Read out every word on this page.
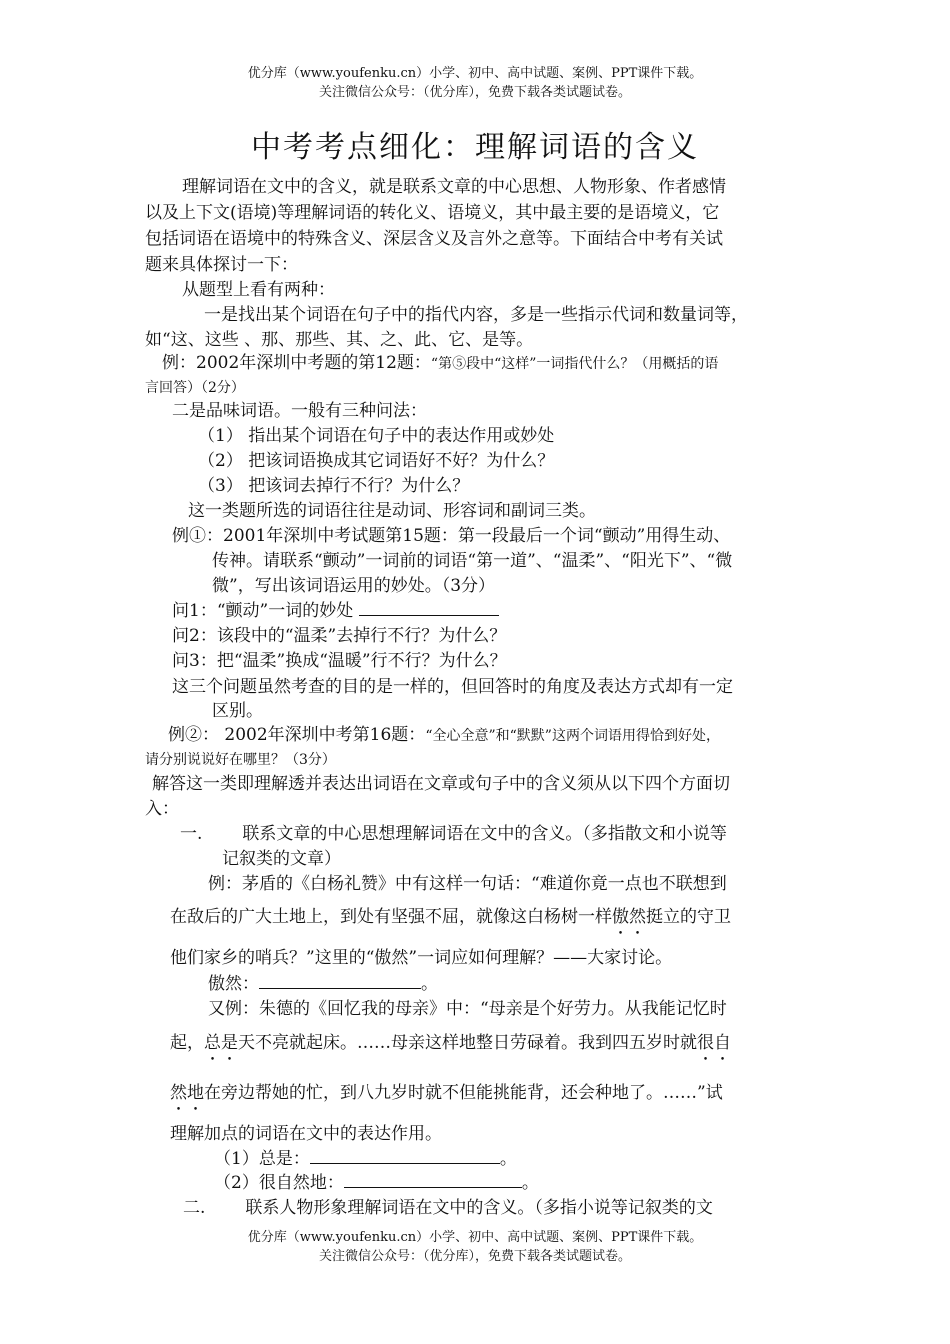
优分库（www.youfenku.cn）小学、初中、高中试题、案例、PPT课件下载。
关注微信公众号：（优分库），免费下载各类试题试卷。
中考考点细化：理解词语的含义
理解词语在文中的含义，就是联系文章的中心思想、人物形象、作者感情
以及上下文(语境)等理解词语的转化义、语境义，其中最主要的是语境义，它
包括词语在语境中的特殊含义、深层含义及言外之意等。下面结合中考有关试
题来具体探讨一下：
从题型上看有两种：
一是找出某个词语在句子中的指代内容，多是一些指示代词和数量词等，
如“这、这些 、那、那些、其、之、此、它、是等。
例：2002年深圳中考题的第12题：“第⑤段中“这样”一词指代什么？（用概括的语
言回答）（2分）
二是品味词语。一般有三种问法：
（1） 指出某个词语在句子中的表达作用或妙处
（2） 把该词语换成其它词语好不好？为什么？
（3） 把该词去掉行不行？为什么？
这一类题所选的词语往往是动词、形容词和副词三类。
例①：2001年深圳中考试题第15题：第一段最后一个词“颤动”用得生动、
传神。请联系“颤动”一词前的词语“第一道”、“温柔”、“阳光下”、“微
微”，写出该词语运用的妙处。（3分）
问1：“颤动”一词的妙处
问2：该段中的“温柔”去掉行不行？为什么？
问3：把“温柔”换成“温暖”行不行？为什么？
这三个问题虽然考查的目的是一样的，但回答时的角度及表达方式却有一定
区别。
例②： 2002年深圳中考第16题：“全心全意”和“默默”这两个词语用得恰到好处，
请分别说说好在哪里？（3分）
解答这一类即理解透并表达出词语在文章或句子中的含义须从以下四个方面切
入：
一. 联系文章的中心思想理解词语在文中的含义。（多指散文和小说等
记叙类的文章）
例：茅盾的《白杨礼赞》中有这样一句话：“难道你竟一点也不联想到
在敌后的广大土地上，到处有坚强不屈，就像这白杨树一样傲然挺立的守卫
他们家乡的哨兵？”这里的“傲然”一词应如何理解？——大家讨论。
傲然：	。
又例：朱德的《回忆我的母亲》中：“母亲是个好劳力。从我能记忆时
起，总是天不亮就起床。……母亲这样地整日劳碌着。我到四五岁时就很自
然地在旁边帮她的忙，到八九岁时就不但能挑能背，还会种地了。……”试
理解加点的词语在文中的表达作用。
（1）总是：	。
（2）很自然地：	。
二. 联系人物形象理解词语在文中的含义。（多指小说等记叙类的文
优分库（www.youfenku.cn）小学、初中、高中试题、案例、PPT课件下载。
关注微信公众号：（优分库），免费下载各类试题试卷。
